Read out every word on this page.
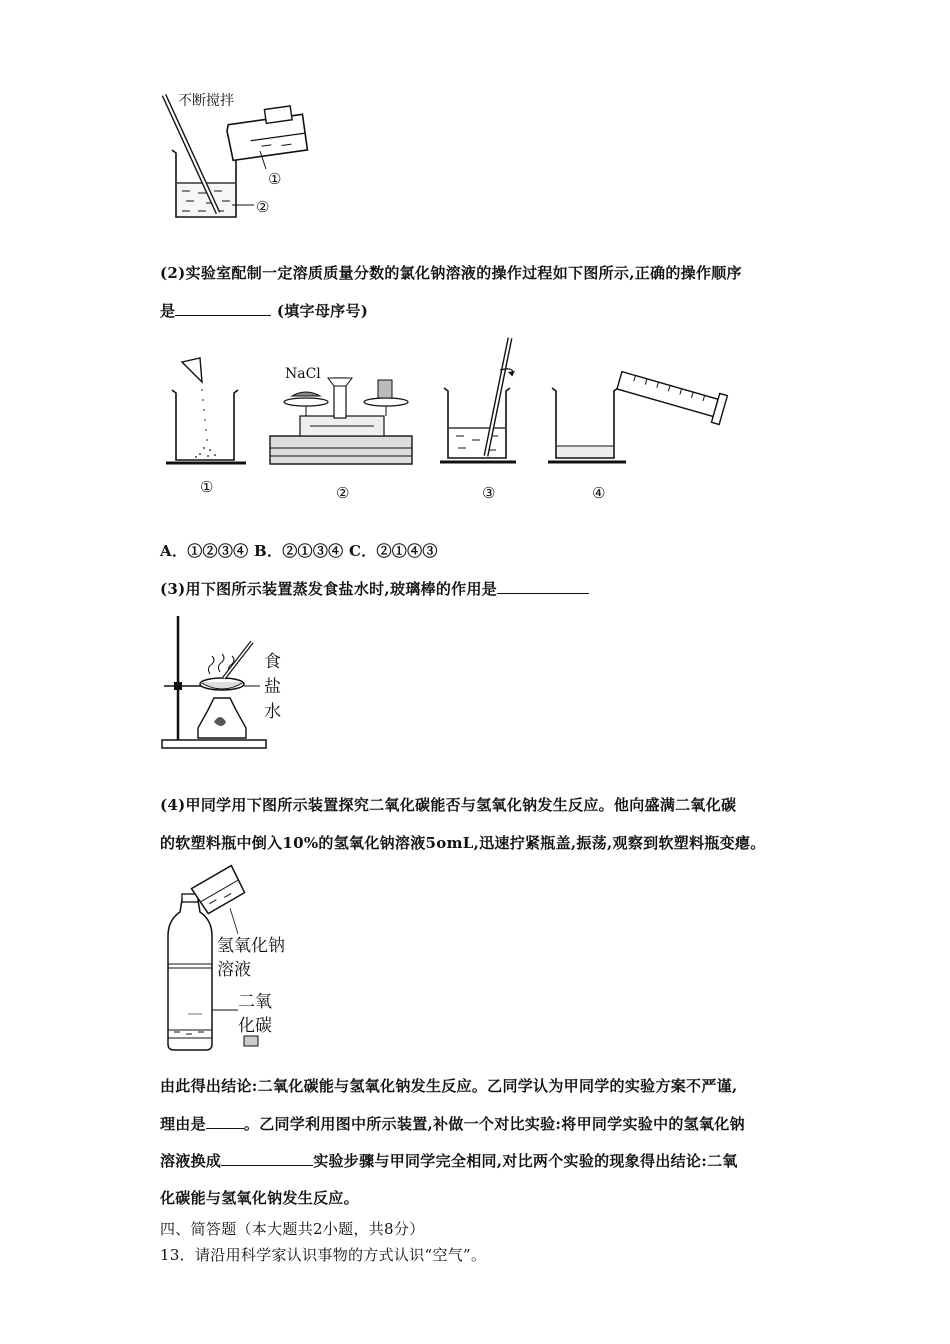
不断搅拌
①
②
(2)实验室配制一定溶质质量分数的氯化钠溶液的操作过程如下图所示,正确的操作顺序
是	(填字母序号)
NaCl
①	②	③	④
A．①②③④ B．②①③④ C．②①④③
(3)用下图所示装置蒸发食盐水时,玻璃棒的作用是
食
盐
水
(4)甲同学用下图所示装置探究二氧化碳能否与氢氧化钠发生反应。他向盛满二氧化碳
的软塑料瓶中倒入10%的氢氧化钠溶液5omL,迅速拧紧瓶盖,振荡,观察到软塑料瓶变瘪。
氢氧化钠
溶液
二氧
化碳
由此得出结论:二氧化碳能与氢氧化钠发生反应。乙同学认为甲同学的实验方案不严谨,
理由是	。乙同学利用图中所示装置,补做一个对比实验:将甲同学实验中的氢氧化钠
溶液换成	实验步骤与甲同学完全相同,对比两个实验的现象得出结论:二氧
化碳能与氢氧化钠发生反应。
四、简答题（本大题共2小题，共8分）
13．请沿用科学家认识事物的方式认识“空气”。
